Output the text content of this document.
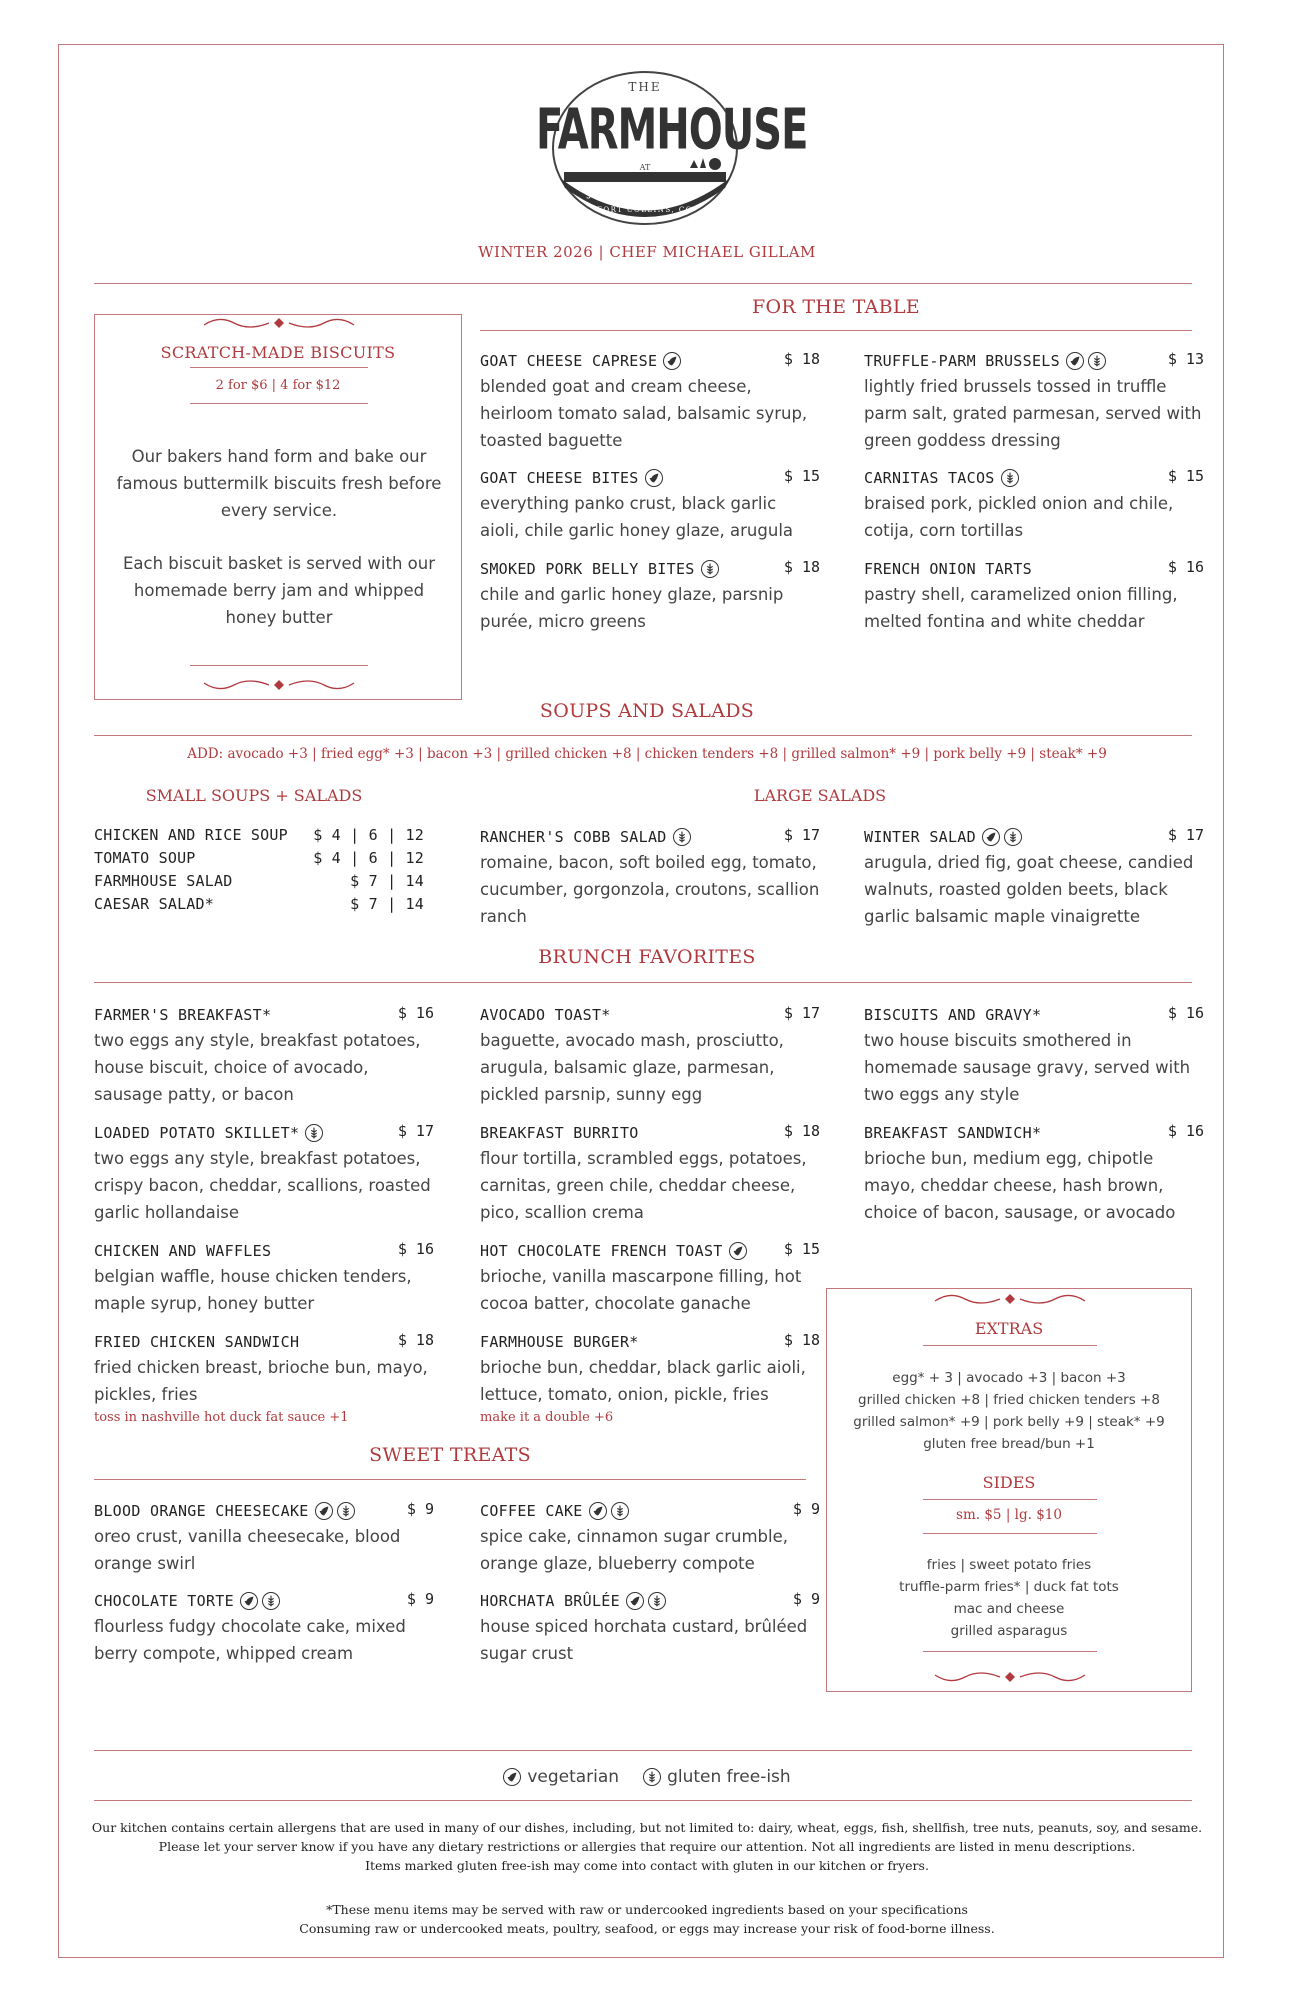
THE
FARMHOUSE
AT
JESSUP FARM
FORT COLLINS, CO
WINTER 2026 | CHEF MICHAEL GILLAM
SCRATCH-MADE BISCUITS
2 for $6 | 4 for $12
Our bakers hand form and bake our famous buttermilk biscuits fresh before every service.
Each biscuit basket is served with our homemade berry jam and whipped honey butter
FOR THE TABLE
GOAT CHEESE CAPRESE	$ 18
blended goat and cream cheese, heirloom tomato salad, balsamic syrup, toasted baguette
TRUFFLE-PARM BRUSSELS	$ 13
lightly fried brussels tossed in truffle parm salt, grated parmesan, served with green goddess dressing
GOAT CHEESE BITES	$ 15
everything panko crust, black garlic aioli, chile garlic honey glaze, arugula
CARNITAS TACOS	$ 15
braised pork, pickled onion and chile, cotija, corn tortillas
SMOKED PORK BELLY BITES	$ 18
chile and garlic honey glaze, parsnip purée, micro greens
FRENCH ONION TARTS	$ 16
pastry shell, caramelized onion filling, melted fontina and white cheddar
SOUPS AND SALADS
ADD: avocado +3 | fried egg* +3 | bacon +3 | grilled chicken +8 | chicken tenders +8 | grilled salmon* +9 | pork belly +9 | steak* +9
SMALL SOUPS + SALADS	LARGE SALADS
CHICKEN AND RICE SOUP $ 4 | 6 | 12
TOMATO SOUP	$ 4 | 6 | 12
FARMHOUSE SALAD	$ 7 | 14
CAESAR SALAD*	$ 7 | 14
RANCHER'S COBB SALAD	$ 17
romaine, bacon, soft boiled egg, tomato, cucumber, gorgonzola, croutons, scallion ranch
WINTER SALAD	$ 17
arugula, dried fig, goat cheese, candied walnuts, roasted golden beets, black garlic balsamic maple vinaigrette
BRUNCH FAVORITES
FARMER'S BREAKFAST*	$ 16
two eggs any style, breakfast potatoes, house biscuit, choice of avocado, sausage patty, or bacon
AVOCADO TOAST*	$ 17
baguette, avocado mash, prosciutto, arugula, balsamic glaze, parmesan, pickled parsnip, sunny egg
BISCUITS AND GRAVY*	$ 16
two house biscuits smothered in homemade sausage gravy, served with two eggs any style
LOADED POTATO SKILLET*	$ 17
two eggs any style, breakfast potatoes, crispy bacon, cheddar, scallions, roasted garlic hollandaise
BREAKFAST BURRITO	$ 18
flour tortilla, scrambled eggs, potatoes, carnitas, green chile, cheddar cheese, pico, scallion crema
BREAKFAST SANDWICH*	$ 16
brioche bun, medium egg, chipotle mayo, cheddar cheese, hash brown, choice of bacon, sausage, or avocado
CHICKEN AND WAFFLES	$ 16
belgian waffle, house chicken tenders, maple syrup, honey butter
HOT CHOCOLATE FRENCH TOAST	$ 15
brioche, vanilla mascarpone filling, hot cocoa batter, chocolate ganache
FRIED CHICKEN SANDWICH	$ 18
fried chicken breast, brioche bun, mayo, pickles, fries
toss in nashville hot duck fat sauce +1
FARMHOUSE BURGER*	$ 18
brioche bun, cheddar, black garlic aioli, lettuce, tomato, onion, pickle, fries
make it a double +6
SWEET TREATS
BLOOD ORANGE CHEESECAKE	$ 9
oreo crust, vanilla cheesecake, blood orange swirl
COFFEE CAKE	$ 9
spice cake, cinnamon sugar crumble, orange glaze, blueberry compote
CHOCOLATE TORTE	$ 9
flourless fudgy chocolate cake, mixed berry compote, whipped cream
HORCHATA BRÛLÉE	$ 9
house spiced horchata custard, brûléed sugar crust
EXTRAS
egg* + 3 | avocado +3 | bacon +3
grilled chicken +8 | fried chicken tenders +8
grilled salmon* +9 | pork belly +9 | steak* +9
gluten free bread/bun +1
SIDES
sm. $5 | lg. $10
fries | sweet potato fries
truffle-parm fries* | duck fat tots
mac and cheese
grilled asparagus
vegetarian	gluten free-ish
Our kitchen contains certain allergens that are used in many of our dishes, including, but not limited to: dairy, wheat, eggs, fish, shellfish, tree nuts, peanuts, soy, and sesame.
Please let your server know if you have any dietary restrictions or allergies that require our attention. Not all ingredients are listed in menu descriptions.
Items marked gluten free-ish may come into contact with gluten in our kitchen or fryers.
*These menu items may be served with raw or undercooked ingredients based on your specifications
Consuming raw or undercooked meats, poultry, seafood, or eggs may increase your risk of food-borne illness.
